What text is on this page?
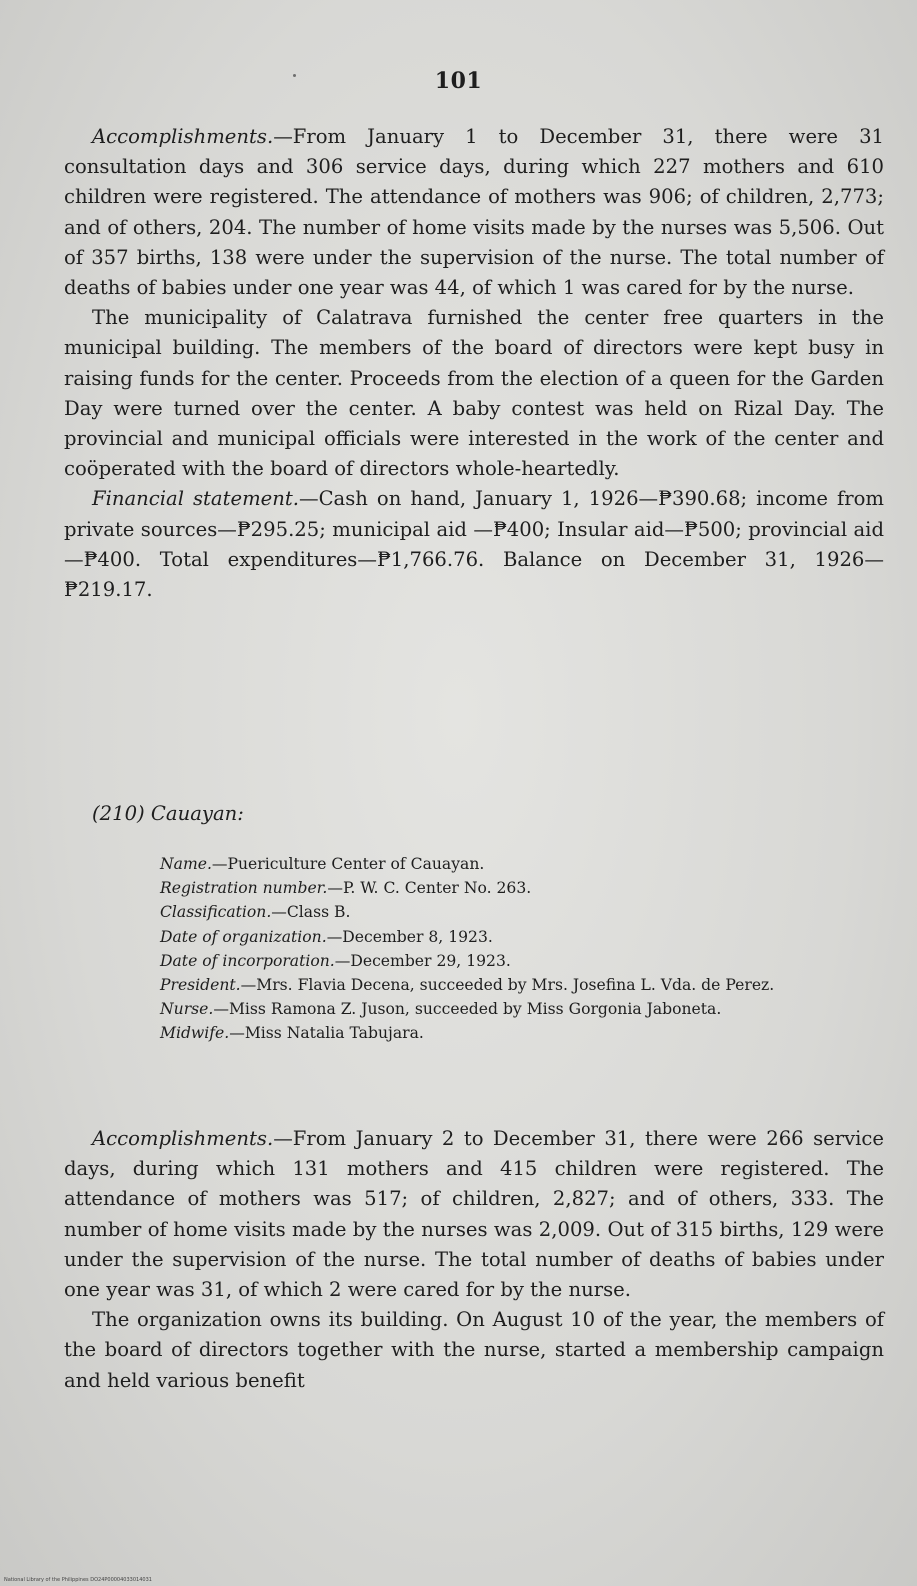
101

Accomplishments.—From January 1 to December 31, there were 31 consultation days and 306 service days, during which 227 mothers and 610 children were registered. The attendance of mothers was 906; of children, 2,773; and of others, 204. The number of home visits made by the nurses was 5,506. Out of 357 births, 138 were under the supervision of the nurse. The total number of deaths of babies under one year was 44, of which 1 was cared for by the nurse.

The municipality of Calatrava furnished the center free quarters in the municipal building. The members of the board of directors were kept busy in raising funds for the center. Proceeds from the election of a queen for the Garden Day were turned over the center. A baby contest was held on Rizal Day. The provincial and municipal officials were interested in the work of the center and coöperated with the board of directors whole-heartedly.

Financial statement.—Cash on hand, January 1, 1926—₱390.68; income from private sources—₱295.25; municipal aid —₱400; Insular aid—₱500; provincial aid—₱400. Total expenditures—₱1,766.76. Balance on December 31, 1926—₱219.17.

(210) Cauayan:
Name.—Puericulture Center of Cauayan.
Registration number.—P. W. C. Center No. 263.
Classification.—Class B.
Date of organization.—December 8, 1923.
Date of incorporation.—December 29, 1923.
President.—Mrs. Flavia Decena, succeeded by Mrs. Josefina L. Vda. de Perez.
Nurse.—Miss Ramona Z. Juson, succeeded by Miss Gorgonia Jaboneta.
Midwife.—Miss Natalia Tabujara.

Accomplishments.—From January 2 to December 31, there were 266 service days, during which 131 mothers and 415 children were registered. The attendance of mothers was 517; of children, 2,827; and of others, 333. The number of home visits made by the nurses was 2,009. Out of 315 births, 129 were under the supervision of the nurse. The total number of deaths of babies under one year was 31, of which 2 were cared for by the nurse.

The organization owns its building. On August 10 of the year, the members of the board of directors together with the nurse, started a membership campaign and held various benefit

National Library of the Philippines DO24P00004033014031
